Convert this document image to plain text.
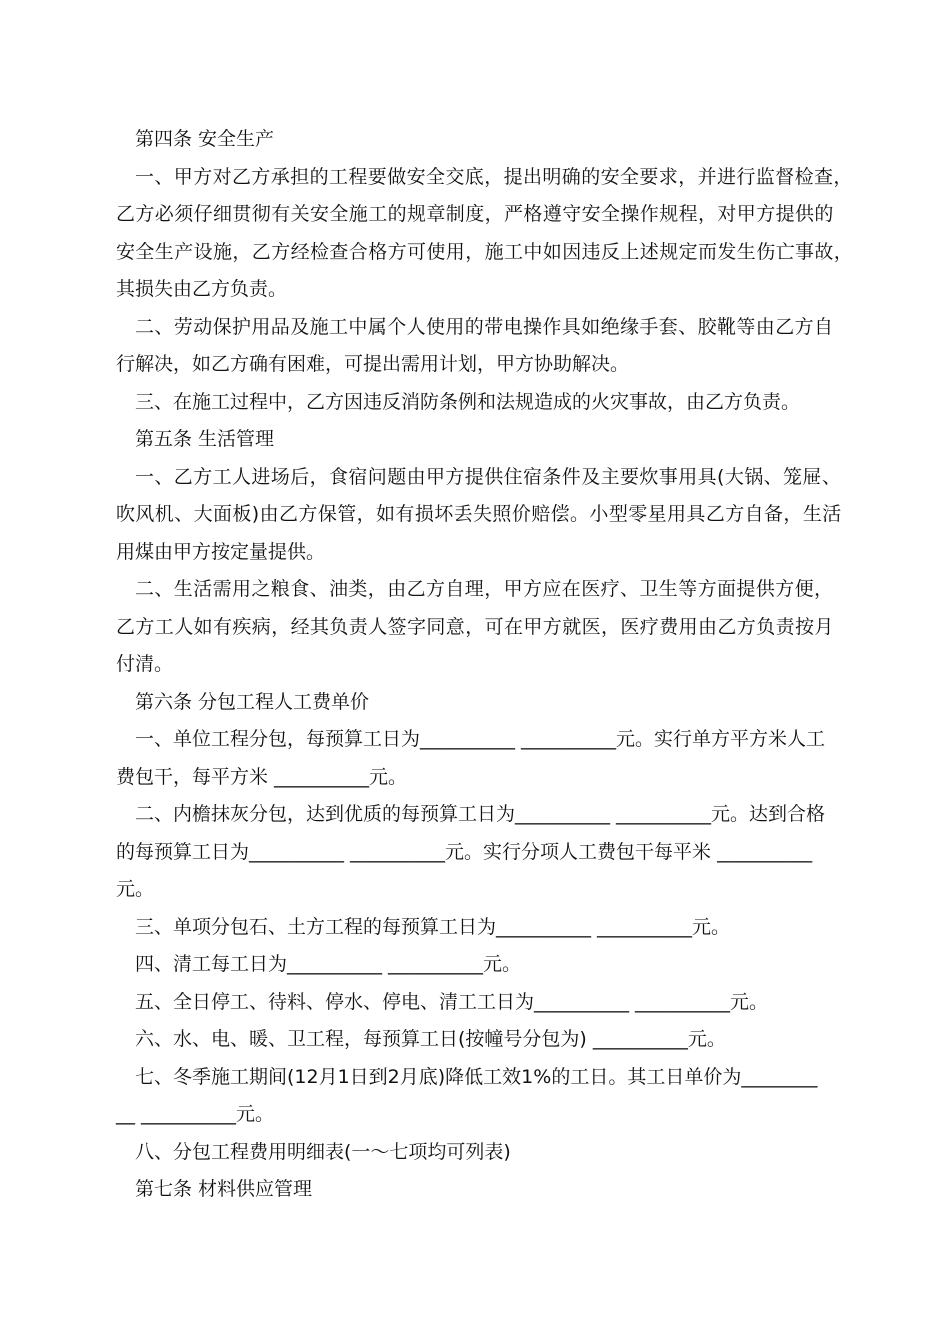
第四条 安全生产
一、甲方对乙方承担的工程要做安全交底，提出明确的安全要求，并进行监督检查，
乙方必须仔细贯彻有关安全施工的规章制度，严格遵守安全操作规程，对甲方提供的
安全生产设施，乙方经检查合格方可使用，施工中如因违反上述规定而发生伤亡事故，
其损失由乙方负责。
二、劳动保护用品及施工中属个人使用的带电操作具如绝缘手套、胶靴等由乙方自
行解决，如乙方确有困难，可提出需用计划，甲方协助解决。
三、在施工过程中，乙方因违反消防条例和法规造成的火灾事故，由乙方负责。
第五条 生活管理
一、乙方工人进场后，食宿问题由甲方提供住宿条件及主要炊事用具(大锅、笼屉、
吹风机、大面板)由乙方保管，如有损坏丢失照价赔偿。小型零星用具乙方自备，生活
用煤由甲方按定量提供。
二、生活需用之粮食、油类，由乙方自理，甲方应在医疗、卫生等方面提供方便，
乙方工人如有疾病，经其负责人签字同意，可在甲方就医，医疗费用由乙方负责按月
付清。
第六条 分包工程人工费单价
一、单位工程分包，每预算工日为__________ __________元。实行单方平方米人工
费包干，每平方米 __________元。
二、内檐抹灰分包，达到优质的每预算工日为__________ __________元。达到合格
的每预算工日为__________ __________元。实行分项人工费包干每平米 __________
元。
三、单项分包石、土方工程的每预算工日为__________ __________元。
四、清工每工日为__________ __________元。
五、全日停工、待料、停水、停电、清工工日为__________ __________元。
六、水、电、暖、卫工程，每预算工日(按幢号分包为) __________元。
七、冬季施工期间(12月1日到2月底)降低工效1%的工日。其工日单价为________
__ __________元。
八、分包工程费用明细表(一～七项均可列表)
第七条 材料供应管理
